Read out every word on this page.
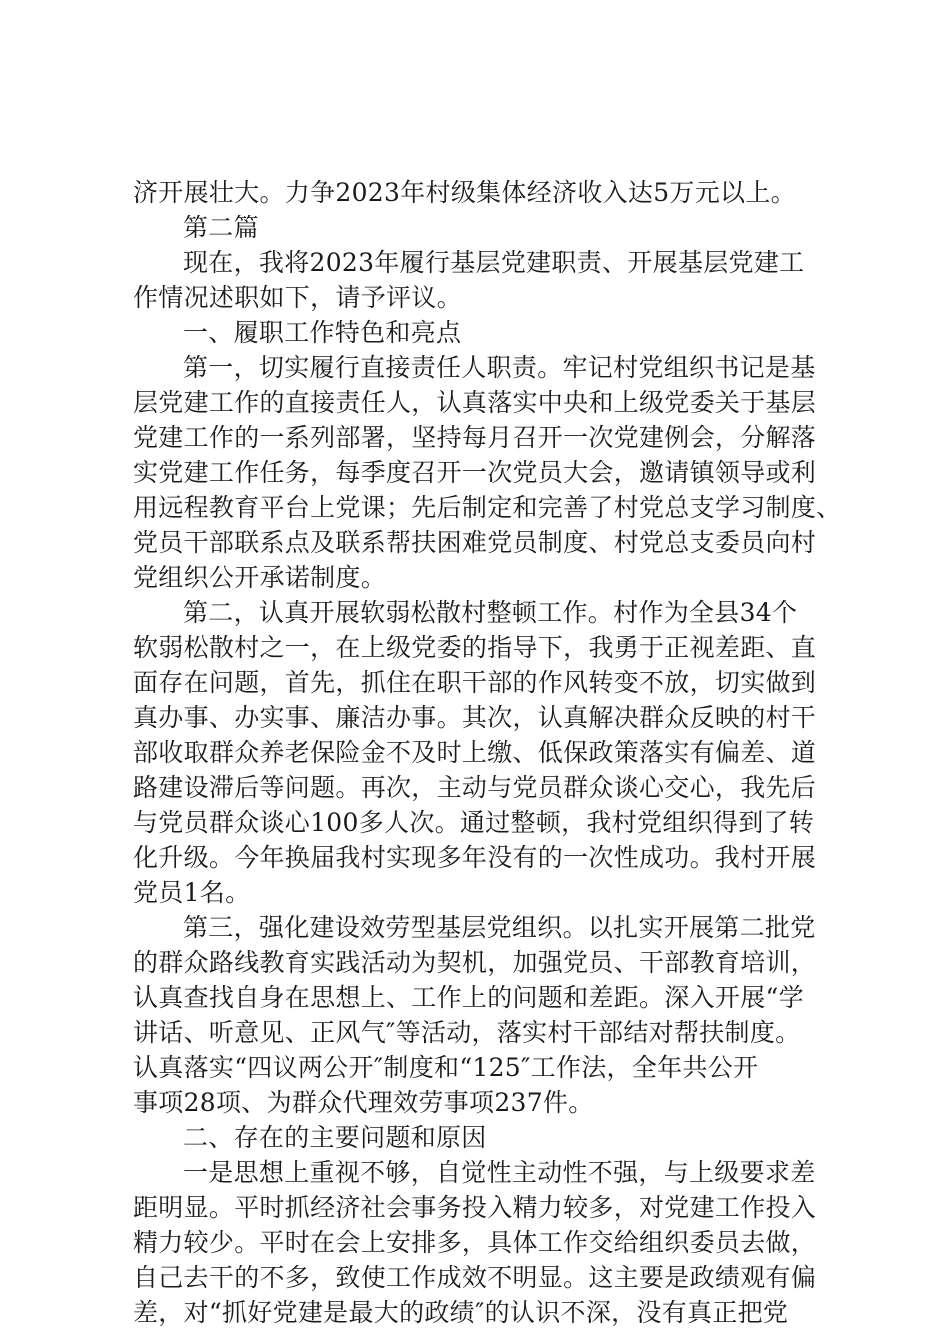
济开展壮大。力争2023年村级集体经济收入达5万元以上。
第二篇
现在，我将2023年履行基层党建职责、开展基层党建工
作情况述职如下，请予评议。
一、履职工作特色和亮点
第一，切实履行直接责任人职责。牢记村党组织书记是基
层党建工作的直接责任人，认真落实中央和上级党委关于基层
党建工作的一系列部署，坚持每月召开一次党建例会，分解落
实党建工作任务，每季度召开一次党员大会，邀请镇领导或利
用远程教育平台上党课；先后制定和完善了村党总支学习制度、
党员干部联系点及联系帮扶困难党员制度、村党总支委员向村
党组织公开承诺制度。
第二，认真开展软弱松散村整顿工作。村作为全县34个
软弱松散村之一，在上级党委的指导下，我勇于正视差距、直
面存在问题，首先，抓住在职干部的作风转变不放，切实做到
真办事、办实事、廉洁办事。其次，认真解决群众反映的村干
部收取群众养老保险金不及时上缴、低保政策落实有偏差、道
路建设滞后等问题。再次，主动与党员群众谈心交心，我先后
与党员群众谈心100多人次。通过整顿，我村党组织得到了转
化升级。今年换届我村实现多年没有的一次性成功。我村开展
党员1名。
第三，强化建设效劳型基层党组织。以扎实开展第二批党
的群众路线教育实践活动为契机，加强党员、干部教育培训，
认真查找自身在思想上、工作上的问题和差距。深入开展“学
讲话、听意见、正风气″等活动，落实村干部结对帮扶制度。
认真落实“四议两公开″制度和“125″工作法，全年共公开
事项28项、为群众代理效劳事项237件。
二、存在的主要问题和原因
一是思想上重视不够，自觉性主动性不强，与上级要求差
距明显。平时抓经济社会事务投入精力较多，对党建工作投入
精力较少。平时在会上安排多，具体工作交给组织委员去做，
自己去干的不多，致使工作成效不明显。这主要是政绩观有偏
差，对“抓好党建是最大的政绩″的认识不深，没有真正把党
